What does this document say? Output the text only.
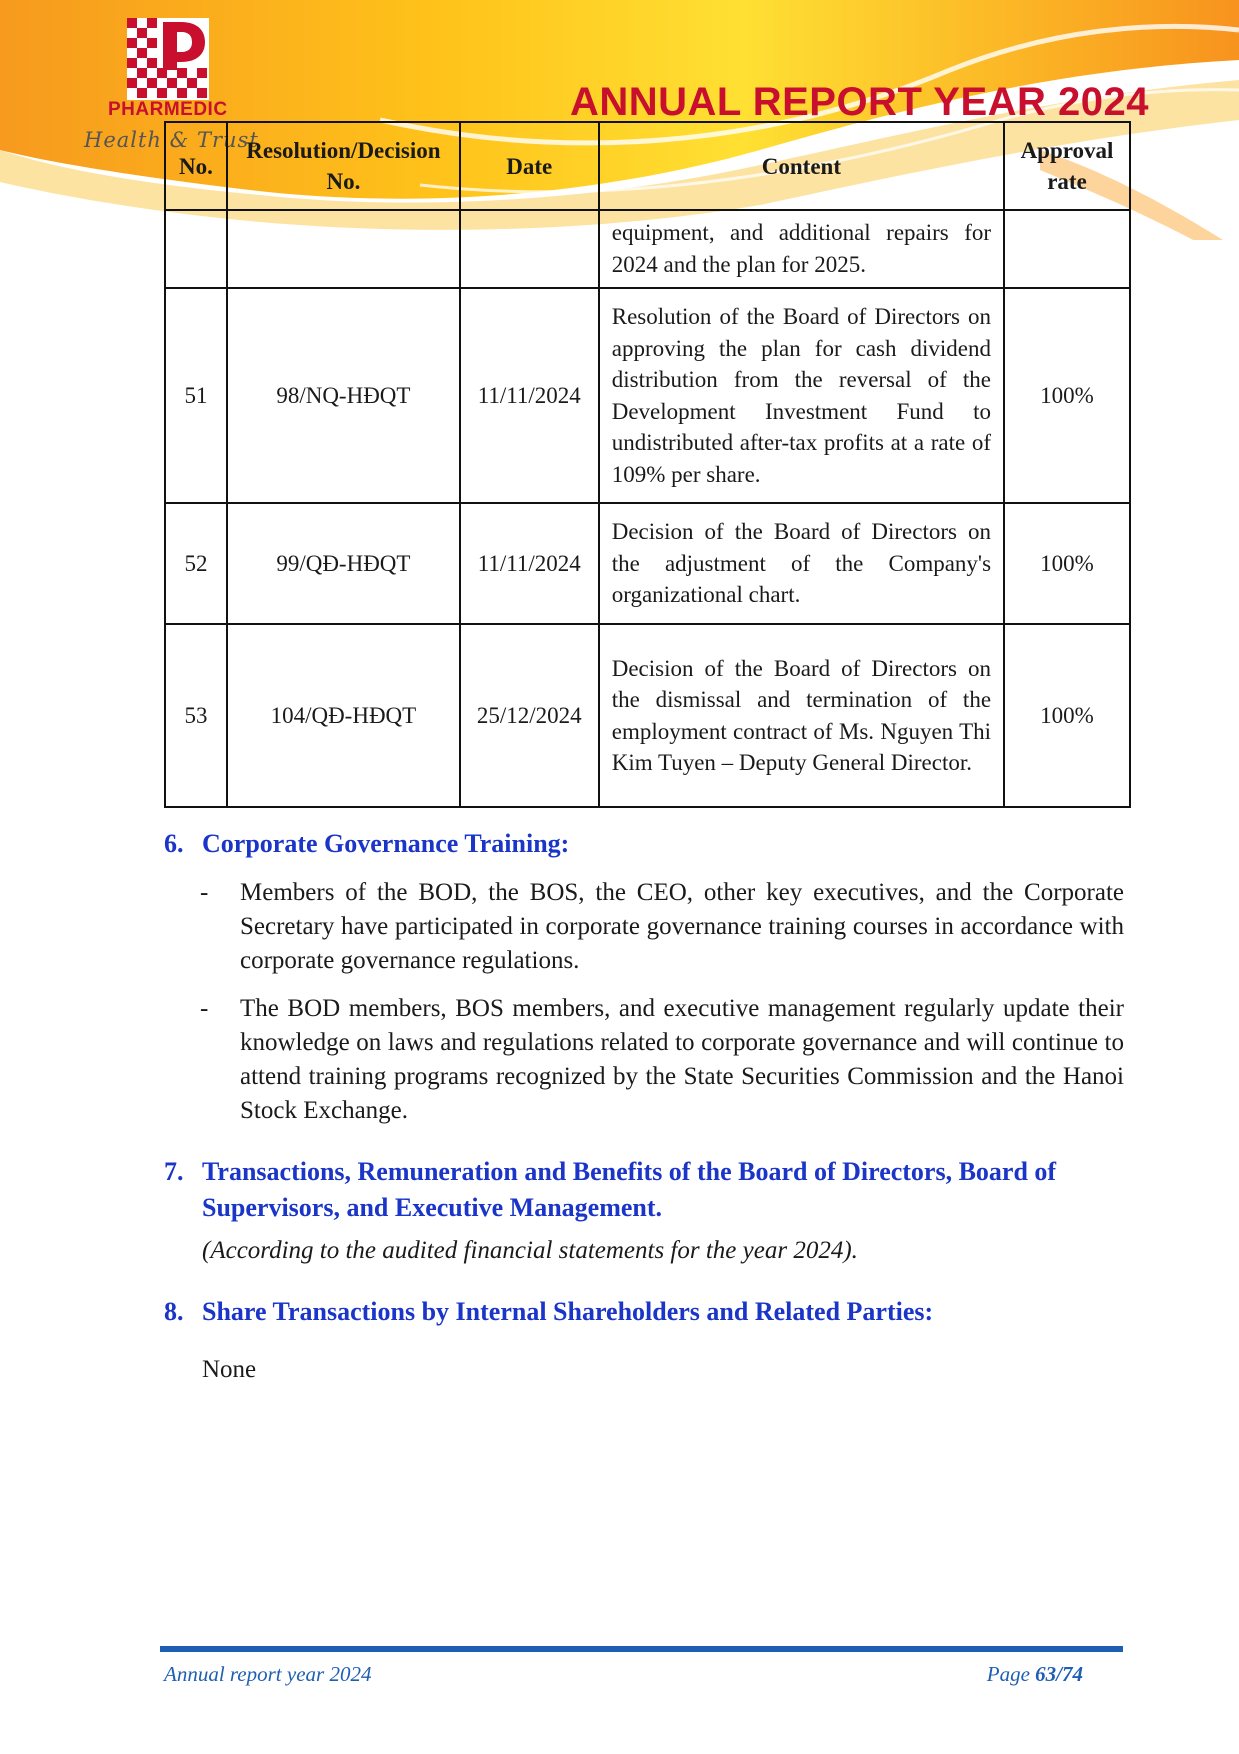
PHARMEDIC
Health & Trust
ANNUAL REPORT YEAR 2024
No.	Resolution/Decision No.	Date	Content	Approval rate
			equipment, and additional repairs for 2024 and the plan for 2025.	
51	98/NQ-HĐQT	11/11/2024	Resolution of the Board of Directors on approving the plan for cash dividend distribution from the reversal of the Development Investment Fund to undistributed after-tax profits at a rate of 109% per share.	100%
52	99/QĐ-HĐQT	11/11/2024	Decision of the Board of Directors on the adjustment of the Company's organizational chart.	100%
53	104/QĐ-HĐQT	25/12/2024	Decision of the Board of Directors on the dismissal and termination of the employment contract of Ms. Nguyen Thi Kim Tuyen – Deputy General Director.	100%
6. Corporate Governance Training:
- Members of the BOD, the BOS, the CEO, other key executives, and the Corporate Secretary have participated in corporate governance training courses in accordance with corporate governance regulations.
- The BOD members, BOS members, and executive management regularly update their knowledge on laws and regulations related to corporate governance and will continue to attend training programs recognized by the State Securities Commission and the Hanoi Stock Exchange.
7. Transactions, Remuneration and Benefits of the Board of Directors, Board of Supervisors, and Executive Management.
(According to the audited financial statements for the year 2024).
8. Share Transactions by Internal Shareholders and Related Parties:
None
Annual report year 2024	Page 63/74
